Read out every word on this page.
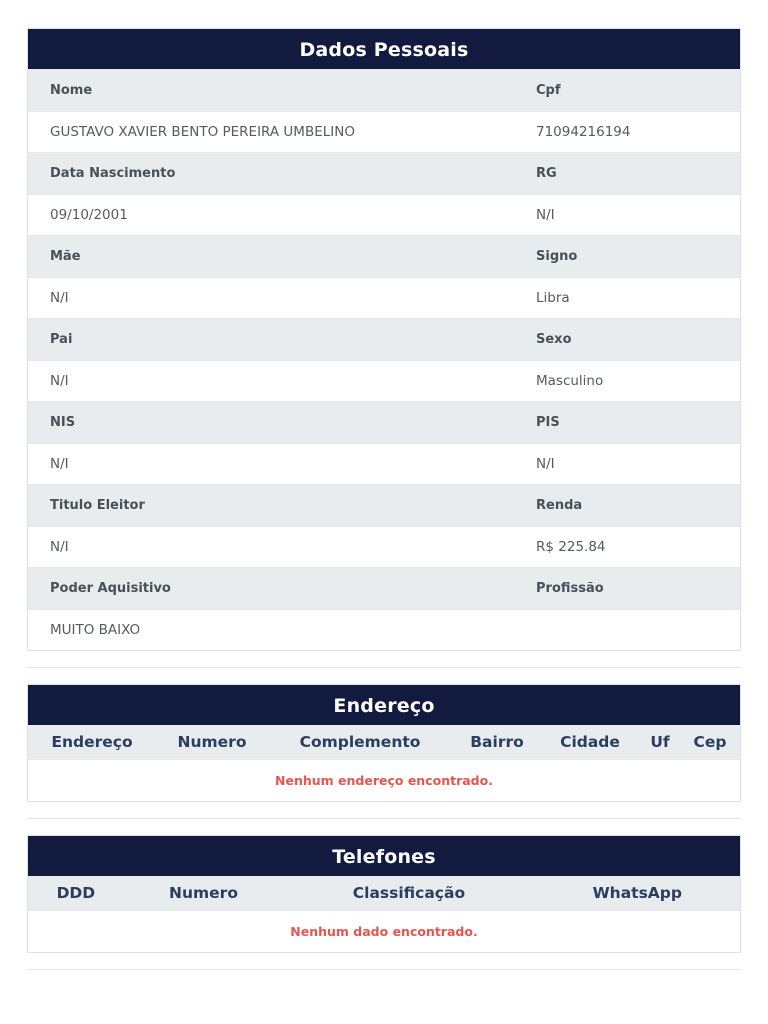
Dados Pessoais
Nome	Cpf
GUSTAVO XAVIER BENTO PEREIRA UMBELINO	71094216194
Data Nascimento	RG
09/10/2001	N/I
Mãe	Signo
N/I	Libra
Pai	Sexo
N/I	Masculino
NIS	PIS
N/I	N/I
Titulo Eleitor	Renda
N/I	R$ 225.84
Poder Aquisitivo	Profissão
MUITO BAIXO
Endereço
Endereço	Numero	Complemento	Bairro	Cidade	Uf	Cep
Nenhum endereço encontrado.
Telefones
DDD	Numero	Classificação	WhatsApp
Nenhum dado encontrado.
